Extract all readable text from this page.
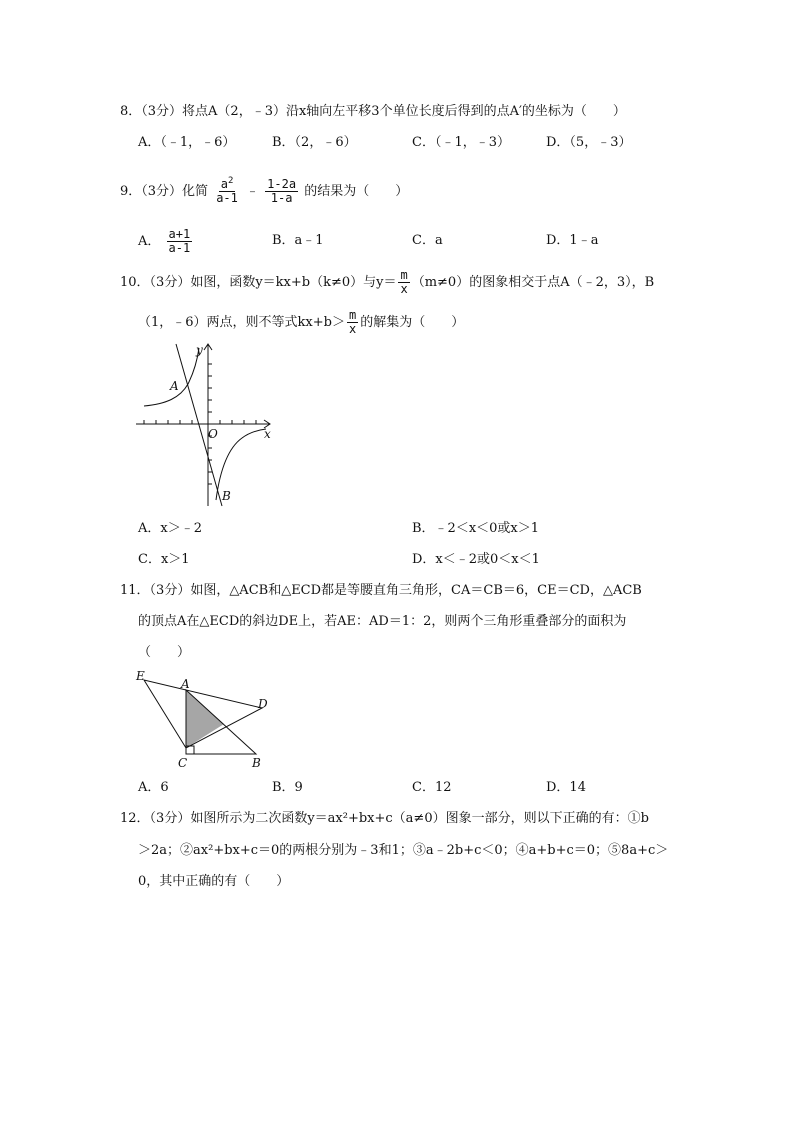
8．（3分）将点A（2，﹣3）沿x轴向左平移3个单位长度后得到的点A′的坐标为（　　）
A．（﹣1，﹣6）	B．（2，﹣6）	C．（﹣1，﹣3）	D．（5，﹣3）
9．（3分）化简 $\frac{a^2}{a-1}$ ﹣ $\frac{1-2a}{1-a}$ 的结果为（　　）
A． $\frac{a+1}{a-1}$	B．a﹣1	C．a	D．1﹣a
10．（3分）如图，函数y＝kx+b（k≠0）与$y= \frac{m}{x} (m\ne 0)$的图象相交于点A（﹣2，3），B
（1，﹣6）两点，则不等式$kx+b> \frac{m}{x}$ 的解集为（　　）
y
x
O
A
B
A．x＞﹣2	B．﹣2＜x＜0或x＞1
C．x＞1	D．x＜﹣2或0＜x＜1
11．（3分）如图，△ACB和△ECD都是等腰直角三角形，CA＝CB＝6，CE＝CD，△ACB
的顶点A在△ECD的斜边DE上，若AE：AD＝1：2，则两个三角形重叠部分的面积为
（　　）
E
A
D
C	B
A．6	B．9	C．12	D．14
12．（3分）如图所示为二次函数y＝ax²+bx+c（a≠0）图象一部分，则以下正确的有：①b
＞2a；②ax²+bx+c＝0的两根分别为﹣3和1；③a﹣2b+c＜0；④a+b+c＝0；⑤8a+c＞
0，其中正确的有（　　）
